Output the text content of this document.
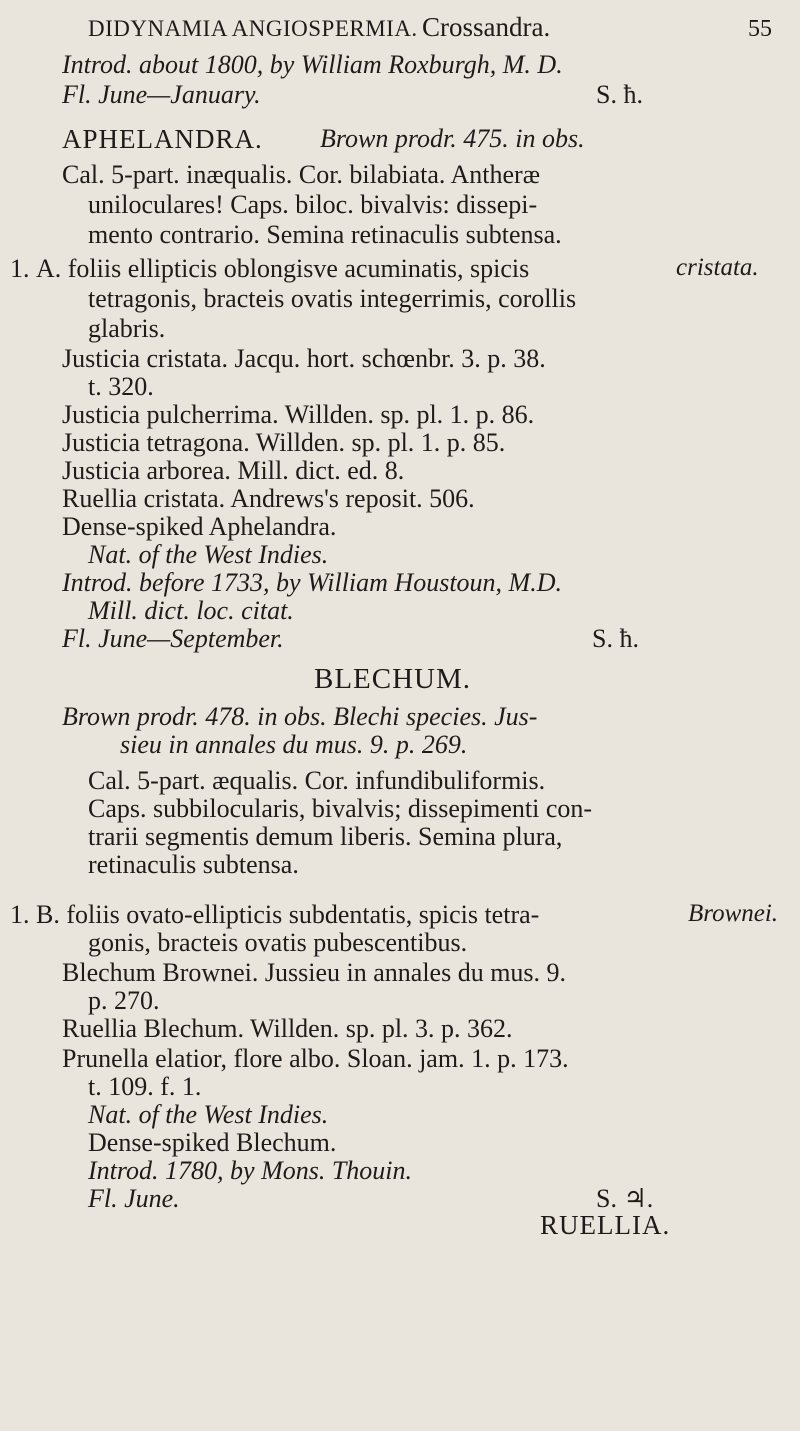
DIDYNAMIA ANGIOSPERMIA. Crossandra.	55
Introd. about 1800, by William Roxburgh, M. D.
Fl. June—January.	S. ħ.
APHELANDRA. Brown prodr. 475. in obs.
Cal. 5-part. inæqualis. Cor. bilabiata. Antheræ
uniloculares! Caps. biloc. bivalvis: dissepi-
mento contrario. Semina retinaculis subtensa.
1.	cristata.
A. foliis ellipticis oblongisve acuminatis, spicis
tetragonis, bracteis ovatis integerrimis, corollis
glabris.
Justicia cristata. Jacqu. hort. schœnbr. 3. p. 38.
t. 320.
Justicia pulcherrima. Willden. sp. pl. 1. p. 86.
Justicia tetragona. Willden. sp. pl. 1. p. 85.
Justicia arborea. Mill. dict. ed. 8.
Ruellia cristata. Andrews's reposit. 506.
Dense-spiked Aphelandra.
Nat. of the West Indies.
Introd. before 1733, by William Houstoun, M.D.
Mill. dict. loc. citat.
Fl. June—September.	S. ħ.
BLECHUM.
Brown prodr. 478. in obs. Blechi species. Jus-
sieu in annales du mus. 9. p. 269.
Cal. 5-part. æqualis. Cor. infundibuliformis.
Caps. subbilocularis, bivalvis; dissepimenti con-
trarii segmentis demum liberis. Semina plura,
retinaculis subtensa.
1.	Brownei.
B. foliis ovato-ellipticis subdentatis, spicis tetra-
gonis, bracteis ovatis pubescentibus.
Blechum Brownei. Jussieu in annales du mus. 9.
p. 270.
Ruellia Blechum. Willden. sp. pl. 3. p. 362.
Prunella elatior, flore albo. Sloan. jam. 1. p. 173.
t. 109. f. 1.
Nat. of the West Indies.
Dense-spiked Blechum.
Introd. 1780, by Mons. Thouin.
Fl. June.	S. ♃.
RUELLIA.
